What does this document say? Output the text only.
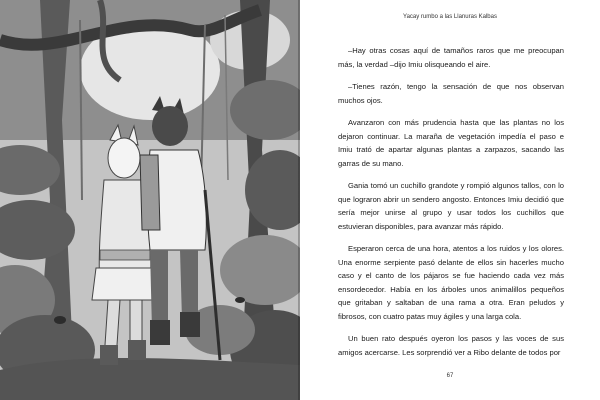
Yacay rumbo a las Llanuras Kalbas

–Hay otras cosas aquí de tamaños raros que me preocupan más, la verdad –dijo Imiu olisqueando el aire.

–Tienes razón, tengo la sensación de que nos observan muchos ojos.

Avanzaron con más prudencia hasta que las plantas no los dejaron continuar. La maraña de vegetación impedía el paso e Imiu trató de apartar algunas plantas a zarpazos, sacando las garras de su mano.

Gania tomó un cuchillo grandote y rompió algunos tallos, con lo que lograron abrir un sendero angosto. Entonces Imiu decidió que sería mejor unirse al grupo y usar todos los cuchillos que estuvieran disponibles, para avanzar más rápido.

Esperaron cerca de una hora, atentos a los ruidos y los olores. Una enorme serpiente pasó delante de ellos sin hacerles mucho caso y el canto de los pájaros se fue haciendo cada vez más ensordecedor. Había en los árboles unos animalillos pequeños que gritaban y saltaban de una rama a otra. Eran peludos y fibrosos, con cuatro patas muy ágiles y una larga cola.

Un buen rato después oyeron los pasos y las voces de sus amigos acercarse. Les sorprendió ver a Ribo delante de todos por

67
